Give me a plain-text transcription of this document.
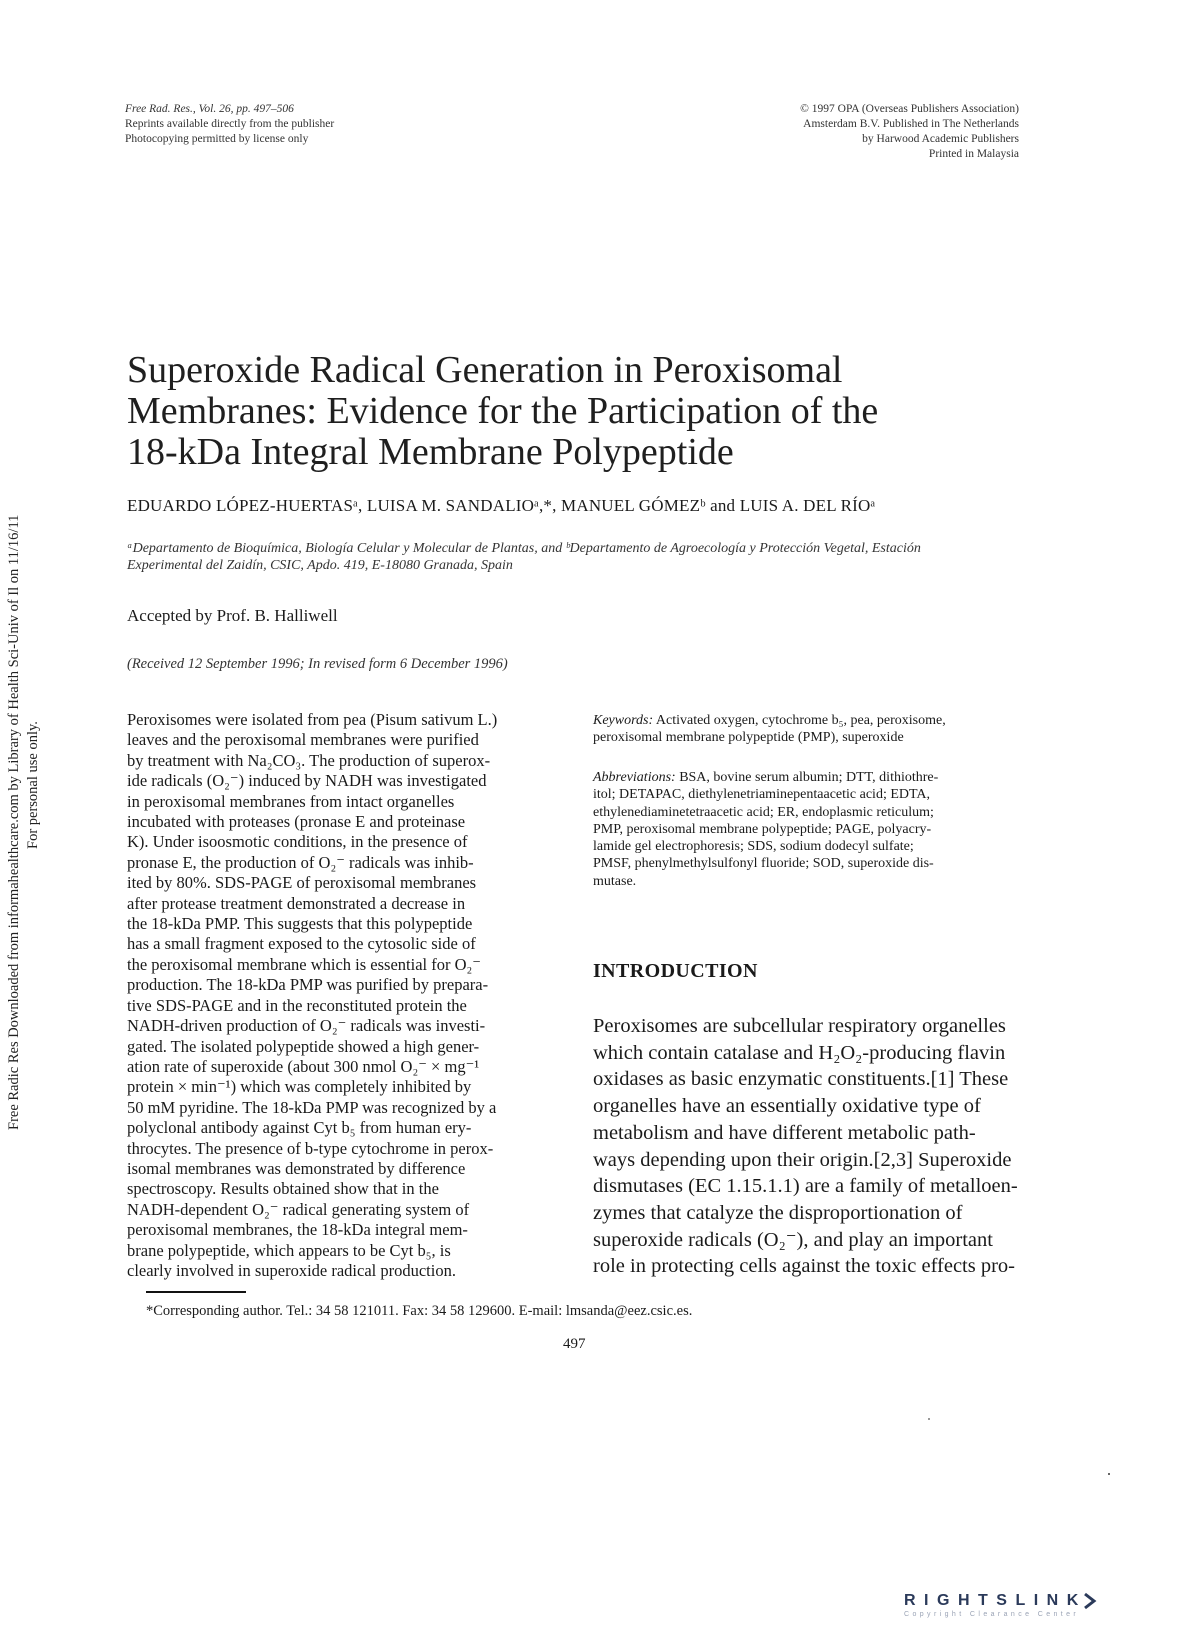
Free Rad. Res., Vol. 26, pp. 497–506
Reprints available directly from the publisher
Photocopying permitted by license only
© 1997 OPA (Overseas Publishers Association)
Amsterdam B.V. Published in The Netherlands
by Harwood Academic Publishers
Printed in Malaysia
Free Radic Res Downloaded from informahealthcare.com by Library of Health Sci-Univ of Il on 11/16/11 For personal use only.
Superoxide Radical Generation in Peroxisomal
Membranes: Evidence for the Participation of the
18-kDa Integral Membrane Polypeptide
EDUARDO LÓPEZ-HUERTASᵃ, LUISA M. SANDALIOᵃ,*, MANUEL GÓMEZᵇ and LUIS A. DEL RÍOᵃ
ᵃDepartamento de Bioquímica, Biología Celular y Molecular de Plantas, and ᵇDepartamento de Agroecología y Protección Vegetal, Estación
Experimental del Zaidín, CSIC, Apdo. 419, E-18080 Granada, Spain
Accepted by Prof. B. Halliwell
(Received 12 September 1996; In revised form 6 December 1996)
Peroxisomes were isolated from pea (Pisum sativum L.)
leaves and the peroxisomal membranes were purified
by treatment with Na₂CO₃. The production of superox-
ide radicals (O₂⁻) induced by NADH was investigated
in peroxisomal membranes from intact organelles
incubated with proteases (pronase E and proteinase
K). Under isoosmotic conditions, in the presence of
pronase E, the production of O₂⁻ radicals was inhib-
ited by 80%. SDS-PAGE of peroxisomal membranes
after protease treatment demonstrated a decrease in
the 18-kDa PMP. This suggests that this polypeptide
has a small fragment exposed to the cytosolic side of
the peroxisomal membrane which is essential for O₂⁻
production. The 18-kDa PMP was purified by prepara-
tive SDS-PAGE and in the reconstituted protein the
NADH-driven production of O₂⁻ radicals was investi-
gated. The isolated polypeptide showed a high gener-
ation rate of superoxide (about 300 nmol O₂⁻ × mg⁻¹
protein × min⁻¹) which was completely inhibited by
50 mM pyridine. The 18-kDa PMP was recognized by a
polyclonal antibody against Cyt b₅ from human ery-
throcytes. The presence of b-type cytochrome in perox-
isomal membranes was demonstrated by difference
spectroscopy. Results obtained show that in the
NADH-dependent O₂⁻ radical generating system of
peroxisomal membranes, the 18-kDa integral mem-
brane polypeptide, which appears to be Cyt b₅, is
clearly involved in superoxide radical production.
Keywords: Activated oxygen, cytochrome b₅, pea, peroxisome,
peroxisomal membrane polypeptide (PMP), superoxide
Abbreviations: BSA, bovine serum albumin; DTT, dithiothre-
itol; DETAPAC, diethylenetriaminepentaacetic acid; EDTA,
ethylenediaminetetraacetic acid; ER, endoplasmic reticulum;
PMP, peroxisomal membrane polypeptide; PAGE, polyacry-
lamide gel electrophoresis; SDS, sodium dodecyl sulfate;
PMSF, phenylmethylsulfonyl fluoride; SOD, superoxide dis-
mutase.
INTRODUCTION
Peroxisomes are subcellular respiratory organelles
which contain catalase and H₂O₂-producing flavin
oxidases as basic enzymatic constituents.[1] These
organelles have an essentially oxidative type of
metabolism and have different metabolic path-
ways depending upon their origin.[2,3] Superoxide
dismutases (EC 1.15.1.1) are a family of metalloen-
zymes that catalyze the disproportionation of
superoxide radicals (O₂⁻), and play an important
role in protecting cells against the toxic effects pro-
*Corresponding author. Tel.: 34 58 121011. Fax: 34 58 129600. E-mail: lmsanda@eez.csic.es.
497
RIGHTSLINK
Copyright Clearance Center
